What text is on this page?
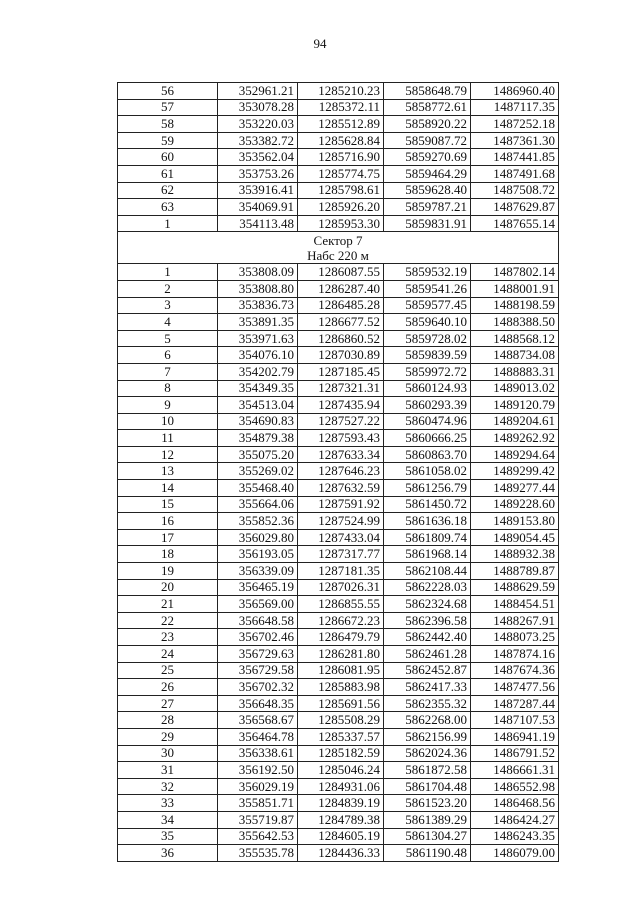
94
56	352961.21	1285210.23	5858648.79	1486960.40
57	353078.28	1285372.11	5858772.61	1487117.35
58	353220.03	1285512.89	5858920.22	1487252.18
59	353382.72	1285628.84	5859087.72	1487361.30
60	353562.04	1285716.90	5859270.69	1487441.85
61	353753.26	1285774.75	5859464.29	1487491.68
62	353916.41	1285798.61	5859628.40	1487508.72
63	354069.91	1285926.20	5859787.21	1487629.87
1	354113.48	1285953.30	5859831.91	1487655.14

Сектор 7
Набс 220 м				

1	353808.09	1286087.55	5859532.19	1487802.14
2	353808.80	1286287.40	5859541.26	1488001.91
3	353836.73	1286485.28	5859577.45	1488198.59
4	353891.35	1286677.52	5859640.10	1488388.50
5	353971.63	1286860.52	5859728.02	1488568.12
6	354076.10	1287030.89	5859839.59	1488734.08
7	354202.79	1287185.45	5859972.72	1488883.31
8	354349.35	1287321.31	5860124.93	1489013.02
9	354513.04	1287435.94	5860293.39	1489120.79
10	354690.83	1287527.22	5860474.96	1489204.61
11	354879.38	1287593.43	5860666.25	1489262.92
12	355075.20	1287633.34	5860863.70	1489294.64
13	355269.02	1287646.23	5861058.02	1489299.42
14	355468.40	1287632.59	5861256.79	1489277.44
15	355664.06	1287591.92	5861450.72	1489228.60
16	355852.36	1287524.99	5861636.18	1489153.80
17	356029.80	1287433.04	5861809.74	1489054.45
18	356193.05	1287317.77	5861968.14	1488932.38
19	356339.09	1287181.35	5862108.44	1488789.87
20	356465.19	1287026.31	5862228.03	1488629.59
21	356569.00	1286855.55	5862324.68	1488454.51
22	356648.58	1286672.23	5862396.58	1488267.91
23	356702.46	1286479.79	5862442.40	1488073.25
24	356729.63	1286281.80	5862461.28	1487874.16
25	356729.58	1286081.95	5862452.87	1487674.36
26	356702.32	1285883.98	5862417.33	1487477.56
27	356648.35	1285691.56	5862355.32	1487287.44
28	356568.67	1285508.29	5862268.00	1487107.53
29	356464.78	1285337.57	5862156.99	1486941.19
30	356338.61	1285182.59	5862024.36	1486791.52
31	356192.50	1285046.24	5861872.58	1486661.31
32	356029.19	1284931.06	5861704.48	1486552.98
33	355851.71	1284839.19	5861523.20	1486468.56
34	355719.87	1284789.38	5861389.29	1486424.27
35	355642.53	1284605.19	5861304.27	1486243.35
36	355535.78	1284436.33	5861190.48	1486079.00
